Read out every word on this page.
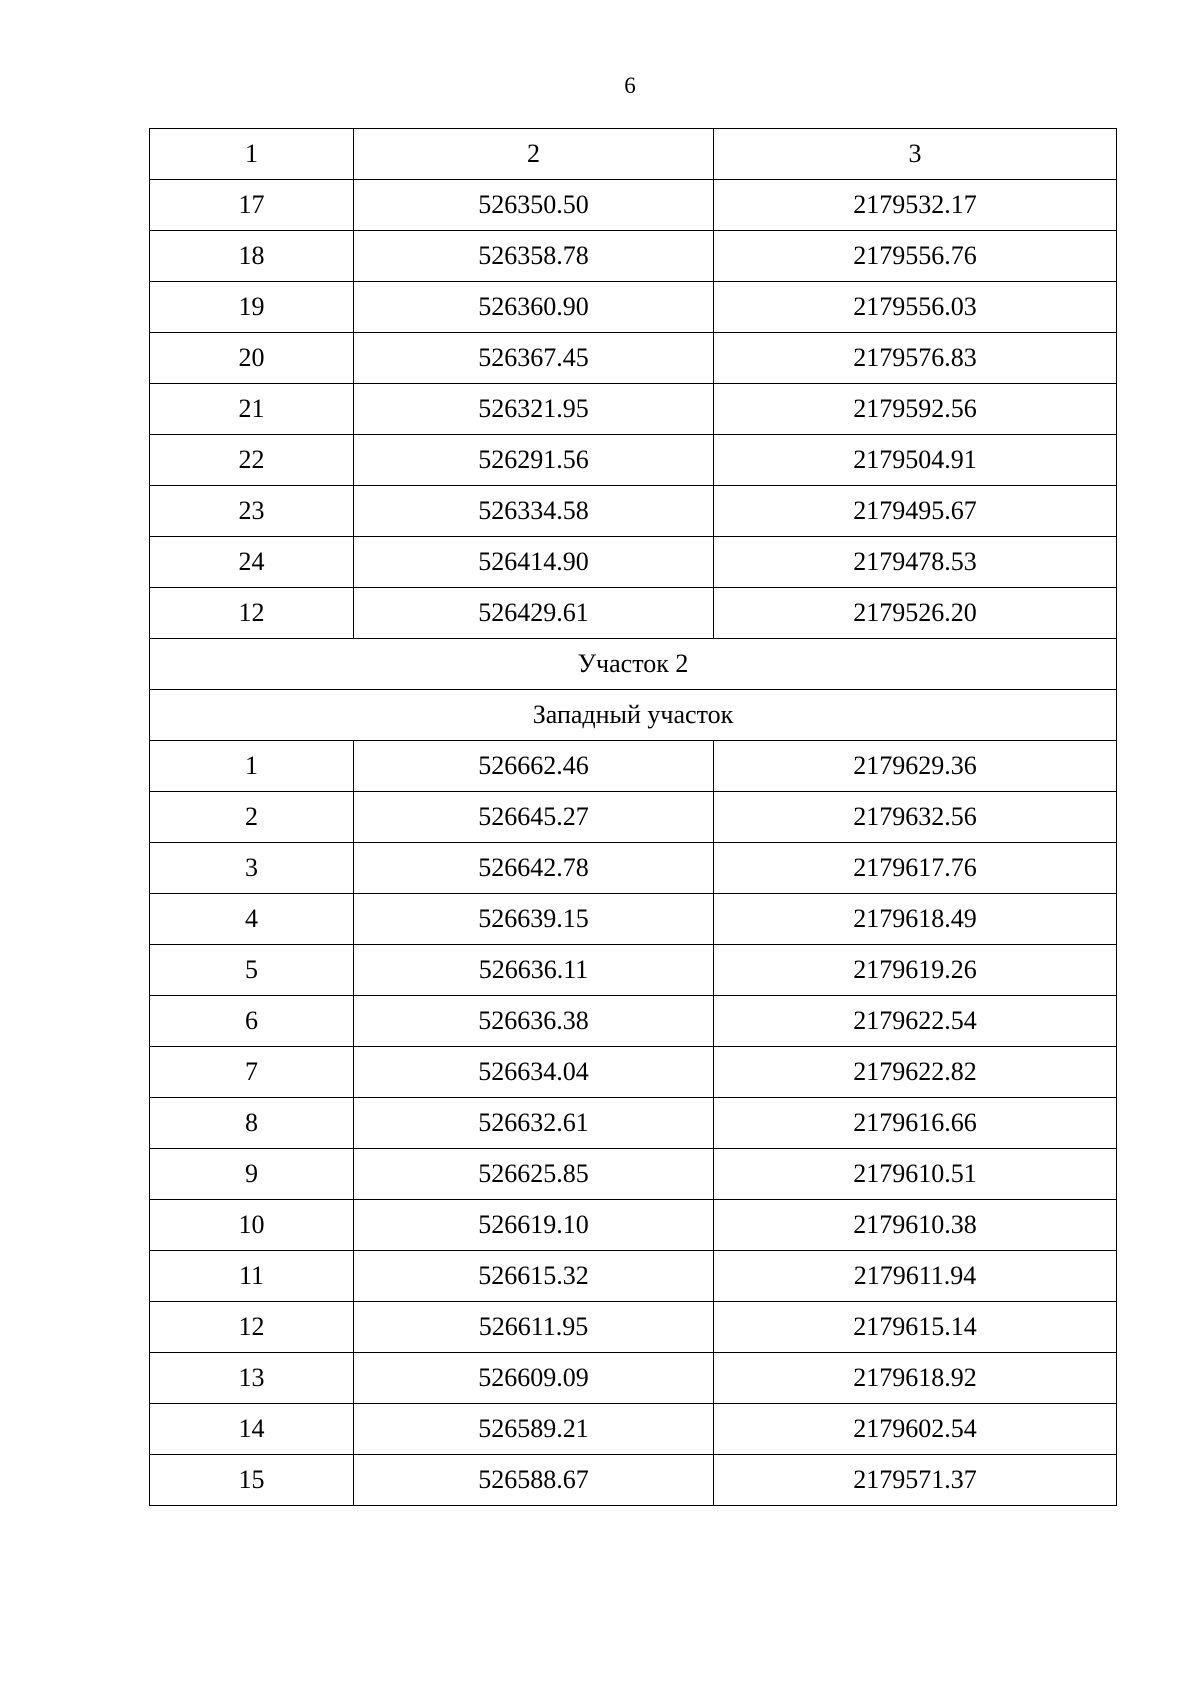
6
1	2	3
17	526350.50	2179532.17
18	526358.78	2179556.76
19	526360.90	2179556.03
20	526367.45	2179576.83
21	526321.95	2179592.56
22	526291.56	2179504.91
23	526334.58	2179495.67
24	526414.90	2179478.53
12	526429.61	2179526.20
Участок 2		
Западный участок		
1	526662.46	2179629.36
2	526645.27	2179632.56
3	526642.78	2179617.76
4	526639.15	2179618.49
5	526636.11	2179619.26
6	526636.38	2179622.54
7	526634.04	2179622.82
8	526632.61	2179616.66
9	526625.85	2179610.51
10	526619.10	2179610.38
11	526615.32	2179611.94
12	526611.95	2179615.14
13	526609.09	2179618.92
14	526589.21	2179602.54
15	526588.67	2179571.37
